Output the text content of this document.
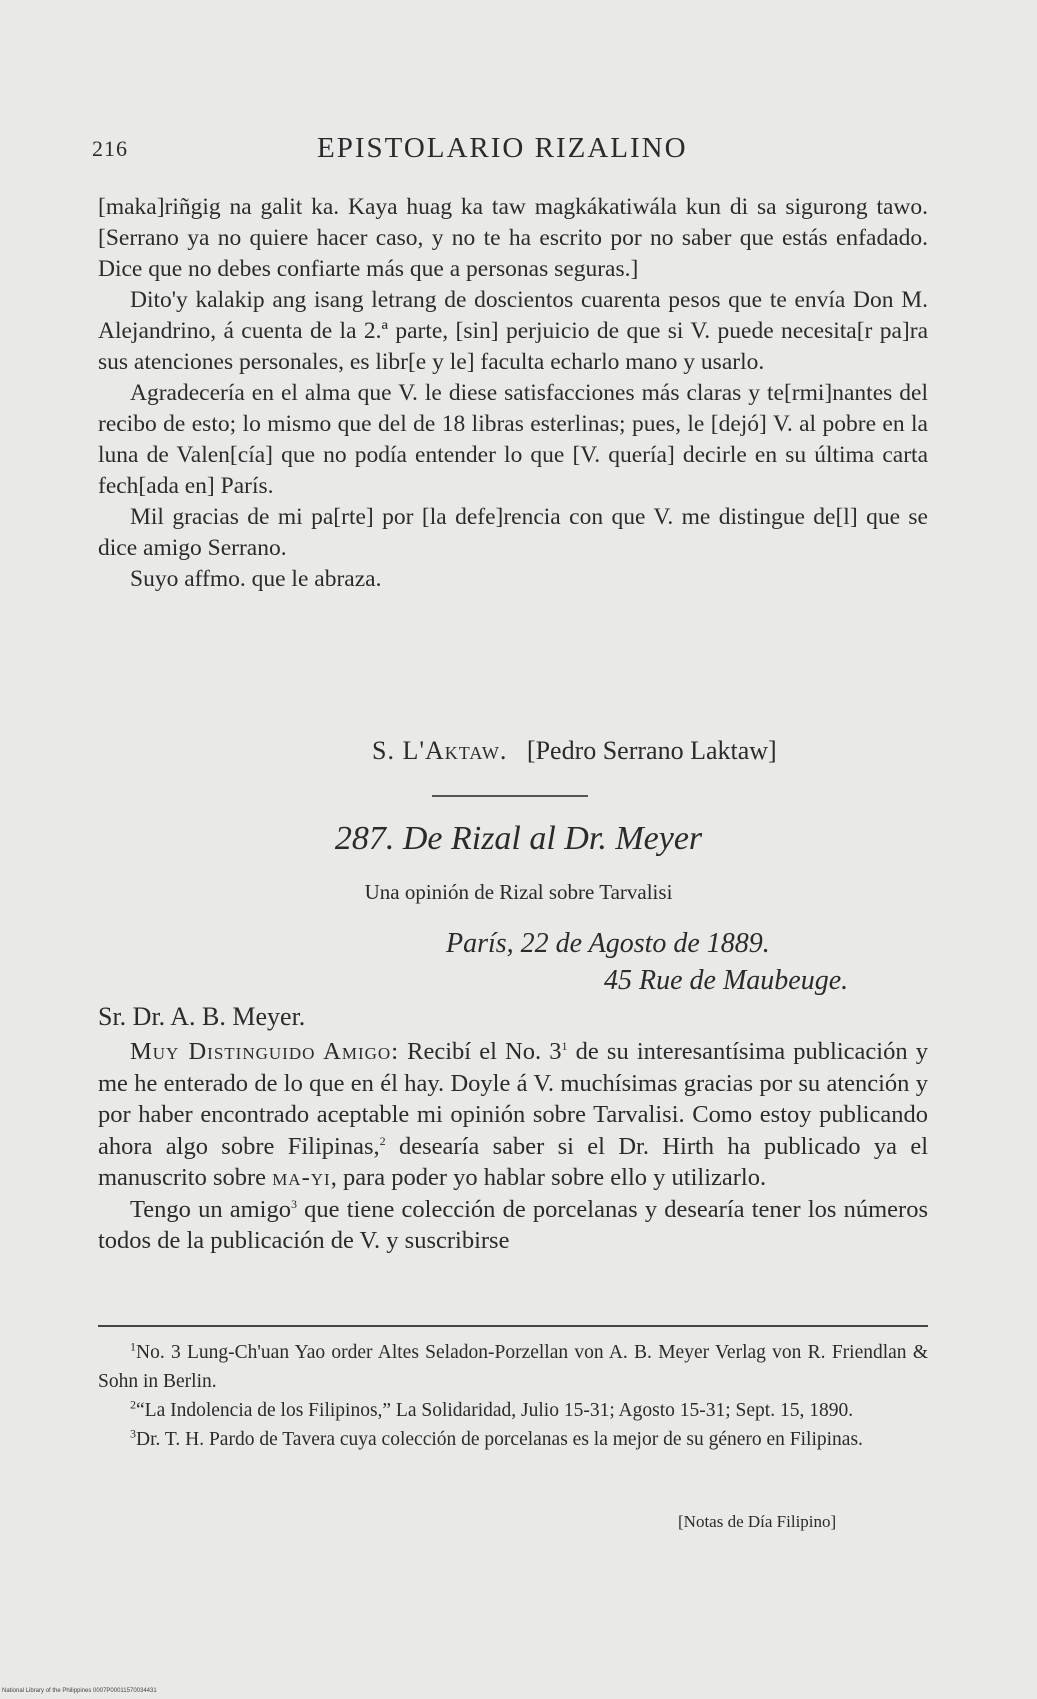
216	EPISTOLARIO RIZALINO

[maka]riñgig na galit ka. Kaya huag ka taw magkákatiwála kun di sa sigurong tawo. [Serrano ya no quiere hacer caso, y no te ha escrito por no saber que estás enfadado. Dice que no debes confiarte más que a personas seguras.]

Dito'y kalakip ang isang letrang de doscientos cuarenta pesos que te envía Don M. Alejandrino, á cuenta de la 2.ª parte, [sin] perjuicio de que si V. puede necesita[r pa]ra sus atenciones personales, es libr[e y le] faculta echarlo mano y usarlo.

Agradecería en el alma que V. le diese satisfacciones más claras y te[rmi]nantes del recibo de esto; lo mismo que del de 18 libras esterlinas; pues, le [dejó] V. al pobre en la luna de Valen[cía] que no podía entender lo que [V. quería] decirle en su última carta fech[ada en] París.

Mil gracias de mi pa[rte] por [la defe]rencia con que V. me distingue de[l] que se dice amigo Serrano.

Suyo affmo. que le abraza.

S. L'Aktaw. [Pedro Serrano Laktaw]
287. De Rizal al Dr. Meyer
Una opinión de Rizal sobre Tarvalisi
París, 22 de Agosto de 1889.
45 Rue de Maubeuge.
Sr. Dr. A. B. Meyer.

Muy Distinguido Amigo: Recibí el No. $3^1$ de su interesantísima publicación y me he enterado de lo que en él hay. Doyle á V. muchísimas gracias por su atención y por haber encontrado aceptable mi opinión sobre Tarvalisi. Como estoy publicando ahora algo sobre Filipinas,$^2$ desearía saber si el Dr. Hirth ha publicado ya el manuscrito sobre ma-yi, para poder yo hablar sobre ello y utilizarlo.

Tengo un amigo$^3$ que tiene colección de porcelanas y desearía tener los números todos de la publicación de V. y suscribirse

$^1$No. 3 Lung-Ch'uan Yao order Altes Seladon-Porzellan von A. B. Meyer Verlag von R. Friendlan & Sohn in Berlin.

$^2$“La Indolencia de los Filipinos,” La Solidaridad, Julio 15-31; Agosto 15-31; Sept. 15, 1890.

$^3$Dr. T. H. Pardo de Tavera cuya colección de porcelanas es la mejor de su género en Filipinas.

[Notas de Día Filipino]
National Library of the Philippines 0007P00011570034431
